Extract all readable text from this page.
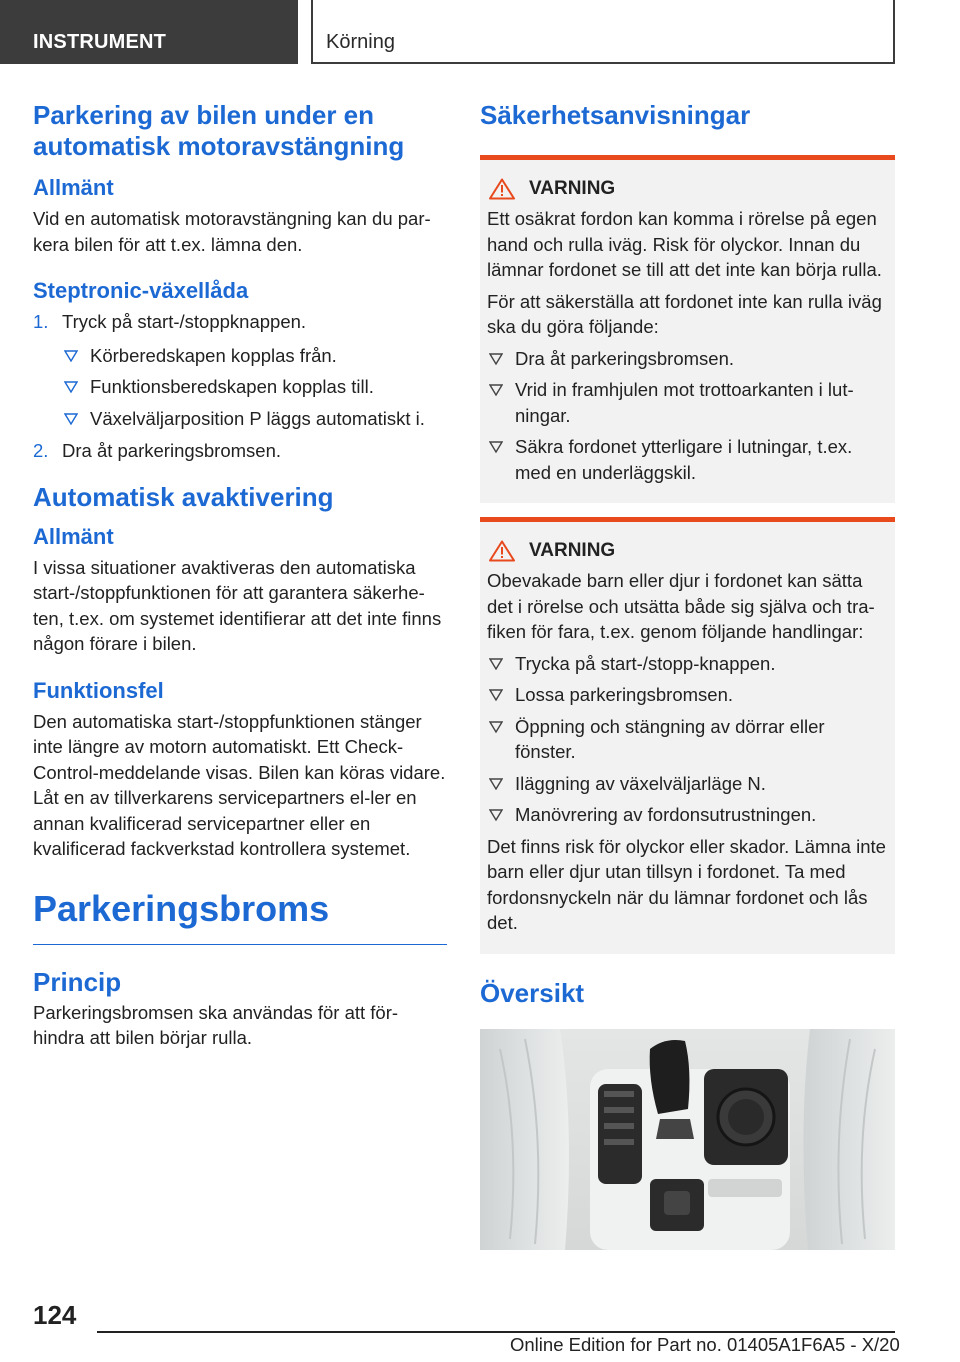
INSTRUMENT	Körning
Parkering av bilen under en automatisk motoravstängning
Allmänt

Vid en automatisk motoravstängning kan du par-kera bilen för att t.ex. lämna den.

Steptronic-växellåda
1. Tryck på start-/stoppknappen.
Körberedskapen kopplas från.
Funktionsberedskapen kopplas till.
Växelväljarposition P läggs automatiskt i.
2. Dra åt parkeringsbromsen.
Automatisk avaktivering
Allmänt

I vissa situationer avaktiveras den automatiska start-/stoppfunktionen för att garantera säkerhe-ten, t.ex. om systemet identifierar att det inte finns någon förare i bilen.

Funktionsfel

Den automatiska start-/stoppfunktionen stänger inte längre av motorn automatiskt. Ett Check-Control-meddelande visas. Bilen kan köras vidare. Låt en av tillverkarens servicepartners el-ler en annan kvalificerad servicepartner eller en kvalificerad fackverkstad kontrollera systemet.

Parkeringsbroms
Princip

Parkeringsbromsen ska användas för att för-hindra att bilen börjar rulla.

Säkerhetsanvisningar
VARNING

Ett osäkrat fordon kan komma i rörelse på egen hand och rulla iväg. Risk för olyckor. Innan du lämnar fordonet se till att det inte kan börja rulla.

För att säkerställa att fordonet inte kan rulla iväg ska du göra följande:

Dra åt parkeringsbromsen.
Vrid in framhjulen mot trottoarkanten i lut-ningar.
Säkra fordonet ytterligare i lutningar, t.ex. med en underläggskil.
VARNING

Obevakade barn eller djur i fordonet kan sätta det i rörelse och utsätta både sig själva och tra-fiken för fara, t.ex. genom följande handlingar:

Trycka på start-/stopp-knappen.
Lossa parkeringsbromsen.
Öppning och stängning av dörrar eller fönster.
Iläggning av växelväljarläge N.
Manövrering av fordonsutrustningen.

Det finns risk för olyckor eller skador. Lämna inte barn eller djur utan tillsyn i fordonet. Ta med fordonsnyckeln när du lämnar fordonet och lås det.

Översikt
124
Online Edition for Part no. 01405A1F6A5 - X/20
